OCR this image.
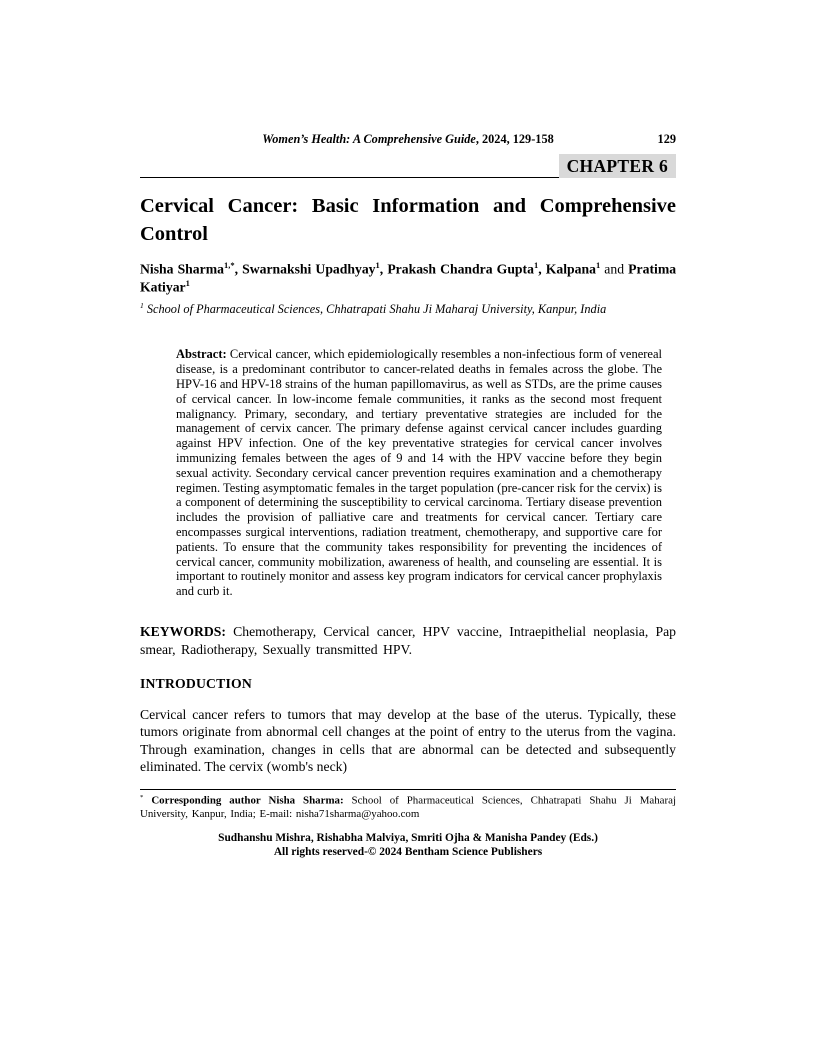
Women’s Health: A Comprehensive Guide, 2024, 129-158	129
CHAPTER 6
Cervical Cancer: Basic Information and Comprehensive Control

Nisha Sharma$^{1,*}$, Swarnakshi Upadhyay$^1$, Prakash Chandra Gupta$^1$, Kalpana$^1$ and Pratima Katiyar$^1$

$^1$ School of Pharmaceutical Sciences, Chhatrapati Shahu Ji Maharaj University, Kanpur, India

Abstract: Cervical cancer, which epidemiologically resembles a non-infectious form of venereal disease, is a predominant contributor to cancer-related deaths in females across the globe. The HPV-16 and HPV-18 strains of the human papillomavirus, as well as STDs, are the prime causes of cervical cancer. In low-income female communities, it ranks as the second most frequent malignancy. Primary, secondary, and tertiary preventative strategies are included for the management of cervix cancer. The primary defense against cervical cancer includes guarding against HPV infection. One of the key preventative strategies for cervical cancer involves immunizing females between the ages of 9 and 14 with the HPV vaccine before they begin sexual activity. Secondary cervical cancer prevention requires examination and a chemotherapy regimen. Testing asymptomatic females in the target population (pre-cancer risk for the cervix) is a component of determining the susceptibility to cervical carcinoma. Tertiary disease prevention includes the provision of palliative care and treatments for cervical cancer. Tertiary care encompasses surgical interventions, radiation treatment, chemotherapy, and supportive care for patients. To ensure that the community takes responsibility for preventing the incidences of cervical cancer, community mobilization, awareness of health, and counseling are essential. It is important to routinely monitor and assess key program indicators for cervical cancer prophylaxis and curb it.

KEYWORDS: Chemotherapy, Cervical cancer, HPV vaccine, Intraepithelial neoplasia, Pap smear, Radiotherapy, Sexually transmitted HPV.

INTRODUCTION

Cervical cancer refers to tumors that may develop at the base of the uterus. Typically, these tumors originate from abnormal cell changes at the point of entry to the uterus from the vagina. Through examination, changes in cells that are abnormal can be detected and subsequently eliminated. The cervix (womb's neck)

* Corresponding author Nisha Sharma: School of Pharmaceutical Sciences, Chhatrapati Shahu Ji Maharaj University, Kanpur, India; E-mail: nisha71sharma@yahoo.com

Sudhanshu Mishra, Rishabha Malviya, Smriti Ojha & Manisha Pandey (Eds.)
All rights reserved-© 2024 Bentham Science Publishers
